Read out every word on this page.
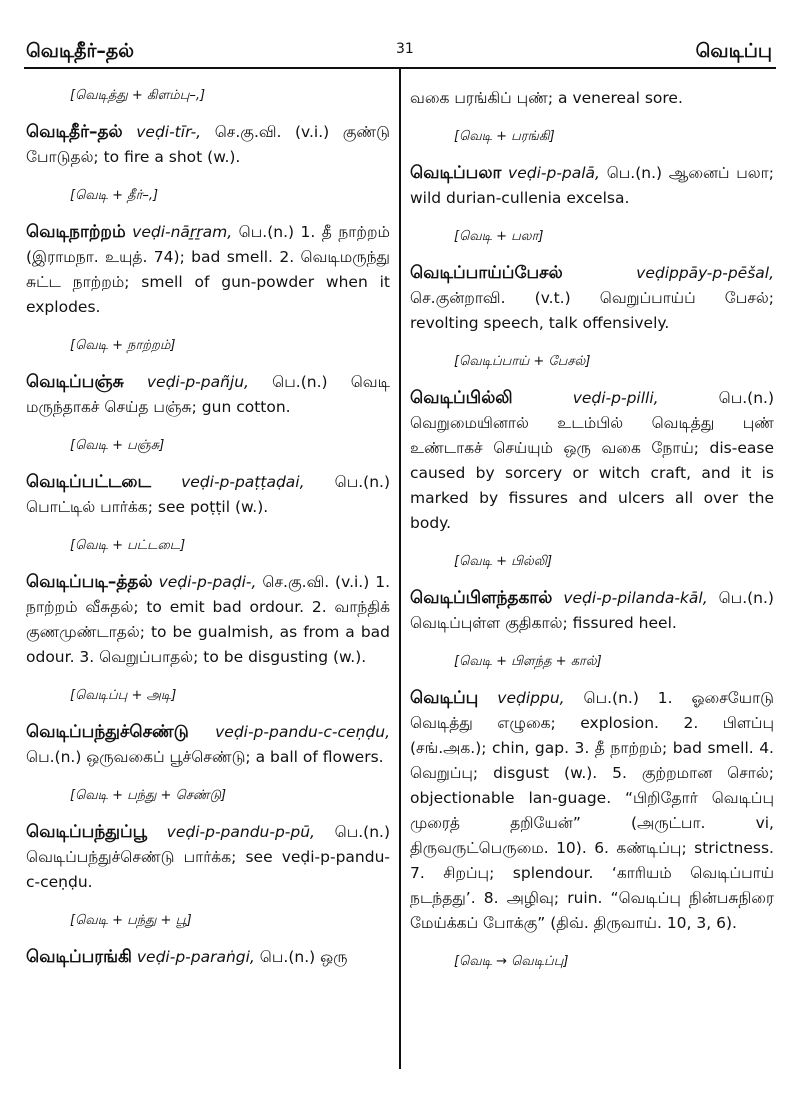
வெடிதீர்–தல்	31	வெடிப்பு
[வெடித்து + கிளம்பு–,]
வெடிதீர்–தல் veḍi-tīr-, செ.கு.வி. (v.i.) குண்டு போடுதல்; to fire a shot (w.).
[வெடி + தீர்–,]
வெடிநாற்றம் veḍi-nāṟṟam, பெ.(n.) 1. தீ நாற்றம் (இராமநா. உயுத். 74); bad smell. 2. வெடிமருந்து சுட்ட நாற்றம்; smell of gun-powder when it explodes.
[வெடி + நாற்றம்]
வெடிப்பஞ்சு veḍi-p-pañju, பெ.(n.) வெடி மருந்தாகச் செய்த பஞ்சு; gun cotton.
[வெடி + பஞ்சு]
வெடிப்பட்டடை veḍi-p-paṭṭaḍai, பெ.(n.) பொட்டில் பார்க்க; see poṭṭil (w.).
[வெடி + பட்டடை]
வெடிப்படி–த்தல் veḍi-p-paḍi-, செ.கு.வி. (v.i.) 1. நாற்றம் வீசுதல்; to emit bad ordour. 2. வாந்திக் குணமுண்டாதல்; to be gualmish, as from a bad odour. 3. வெறுப்பாதல்; to be disgusting (w.).
[வெடிப்பு + அடி]
வெடிப்பந்துச்செண்டு veḍi-p-pandu-c-ceṇḍu, பெ.(n.) ஒருவகைப் பூச்செண்டு; a ball of flowers.
[வெடி + பந்து + செண்டு]
வெடிப்பந்துப்பூ veḍi-p-pandu-p-pū, பெ.(n.) வெடிப்பந்துச்செண்டு பார்க்க; see veḍi-p-pandu-c-ceṇḍu.
[வெடி + பந்து + பூ]
வெடிப்பரங்கி veḍi-p-paraṅgi, பெ.(n.) ஒரு
வகை பரங்கிப் புண்; a venereal sore.
[வெடி + பரங்கி]
வெடிப்பலா veḍi-p-palā, பெ.(n.) ஆனைப் பலா; wild durian-cullenia excelsa.
[வெடி + பலா]
வெடிப்பாய்ப்பேசல்	veḍippāy-p-pēšal, செ.குன்றாவி. (v.t.) வெறுப்பாய்ப் பேசல்; revolting speech, talk offensively.
[வெடிப்பாய் + பேசல்]
வெடிப்பில்லி	veḍi-p-pilli,	பெ.(n.) வெறுமையினால் உடம்பில் வெடித்து புண் உண்டாகச் செய்யும் ஒரு வகை நோய்; dis-ease caused by sorcery or witch craft, and it is marked by fissures and ulcers all over the body.
[வெடி + பில்லி]
வெடிப்பிளந்தகால் veḍi-p-pilanda-kāl, பெ.(n.) வெடிப்புள்ள குதிகால்; fissured heel.
[வெடி + பிளந்த + கால்]
வெடிப்பு veḍippu, பெ.(n.) 1. ஓசையோடு வெடித்து எழுகை; explosion. 2. பிளப்பு (சங்.அக.); chin, gap. 3. தீ நாற்றம்; bad smell. 4. வெறுப்பு; disgust (w.). 5. குற்றமான சொல்; objectionable lan-guage. “பிறிதோர் வெடிப்பு முரைத் தறியேன்” (அருட்பா. vi, திருவருட்பெருமை. 10). 6. கண்டிப்பு; strictness. 7. சிறப்பு; splendour. ‘காரியம் வெடிப்பாய் நடந்தது’. 8. அழிவு; ruin. “வெடிப்பு நின்பசுநிரை மேய்க்கப் போக்கு” (திவ். திருவாய். 10, 3, 6).
[வெடி → வெடிப்பு]
